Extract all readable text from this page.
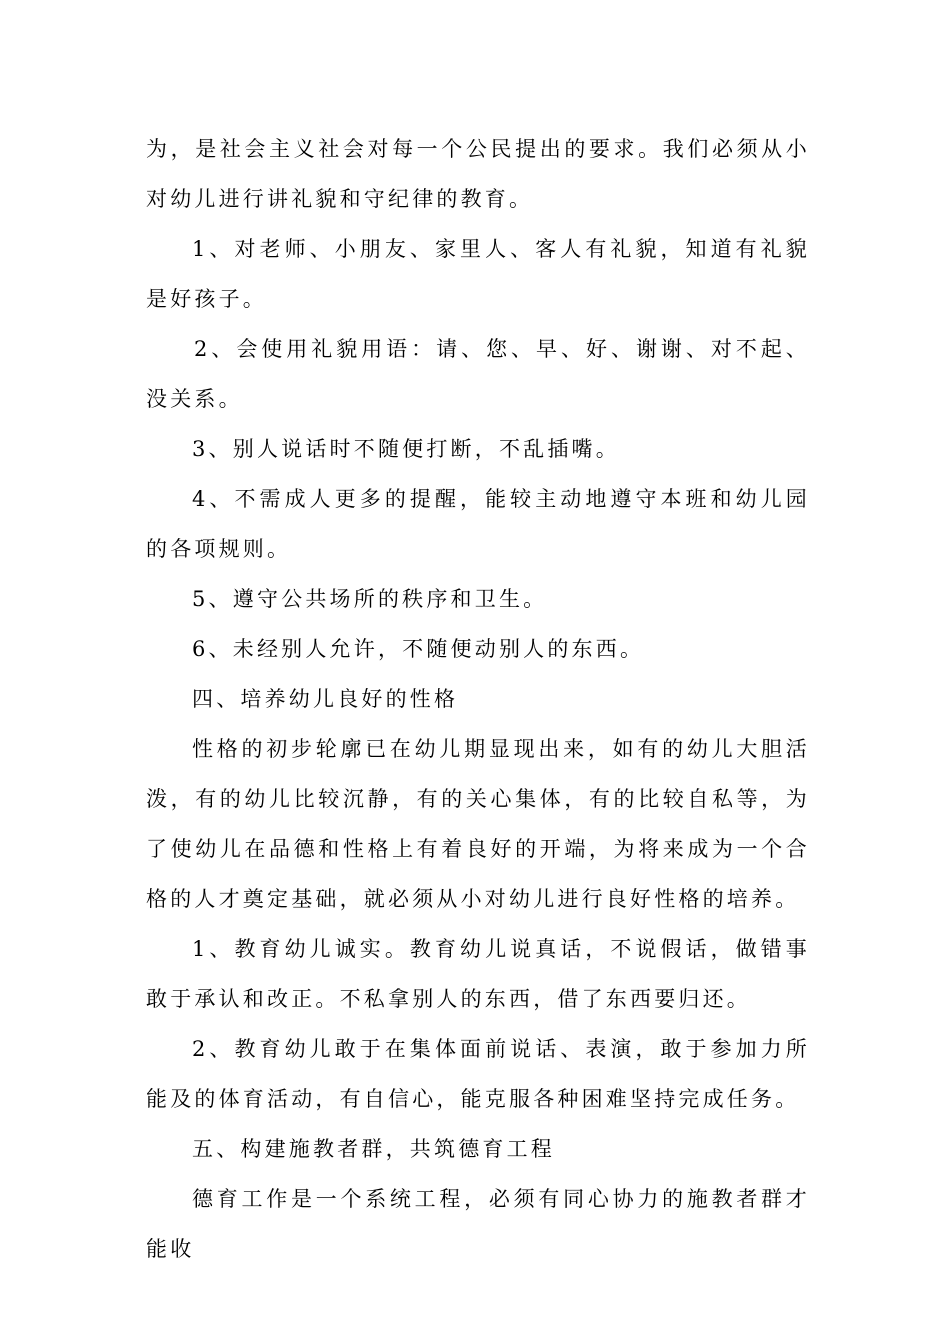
为，是社会主义社会对每一个公民提出的要求。我们必须从小对幼儿进行讲礼貌和守纪律的教育。

1、对老师、小朋友、家里人、客人有礼貌，知道有礼貌是好孩子。

2、会使用礼貌用语：请、您、早、好、谢谢、对不起、没关系。

3、别人说话时不随便打断，不乱插嘴。

4、不需成人更多的提醒，能较主动地遵守本班和幼儿园的各项规则。

5、遵守公共场所的秩序和卫生。

6、未经别人允许，不随便动别人的东西。

四、培养幼儿良好的性格

性格的初步轮廓已在幼儿期显现出来，如有的幼儿大胆活泼，有的幼儿比较沉静，有的关心集体，有的比较自私等，为了使幼儿在品德和性格上有着良好的开端，为将来成为一个合格的人才奠定基础，就必须从小对幼儿进行良好性格的培养。

1、教育幼儿诚实。教育幼儿说真话，不说假话，做错事敢于承认和改正。不私拿别人的东西，借了东西要归还。

2、教育幼儿敢于在集体面前说话、表演，敢于参加力所能及的体育活动，有自信心，能克服各种困难坚持完成任务。

五、构建施教者群，共筑德育工程

德育工作是一个系统工程，必须有同心协力的施教者群才能收
